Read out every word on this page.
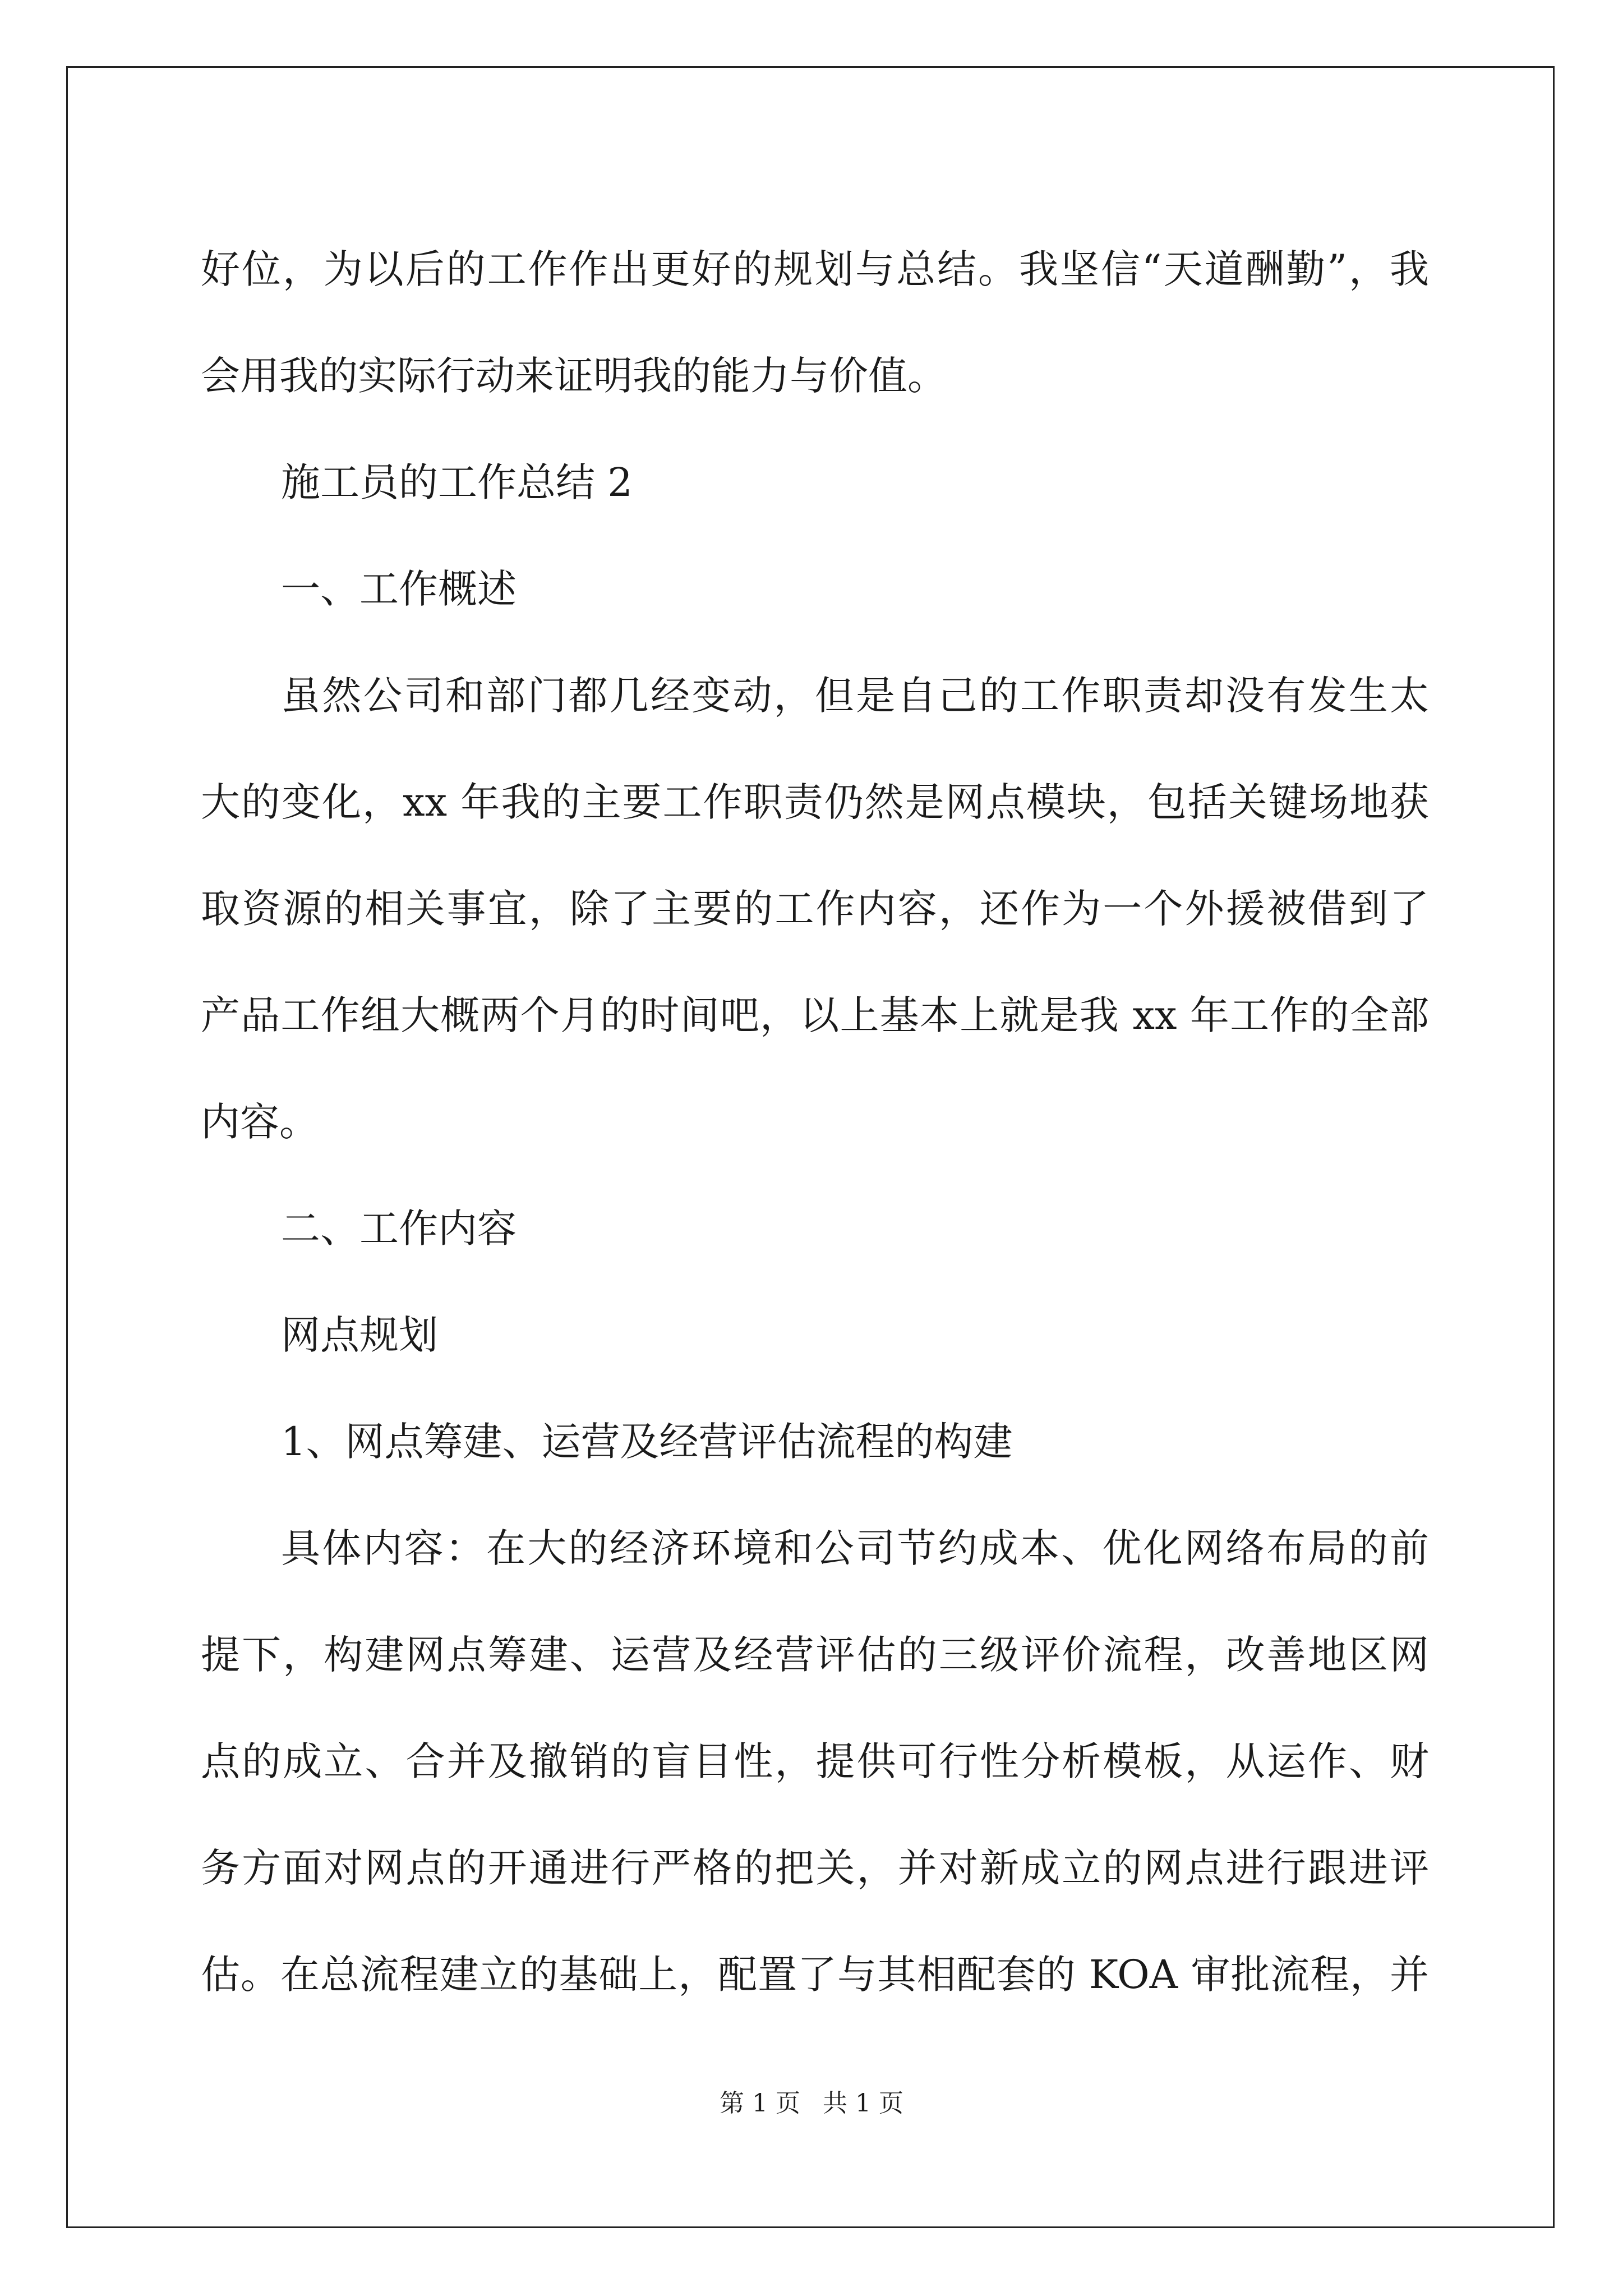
好位，为以后的工作作出更好的规划与总结。我坚信“天道酬勤”，我
会用我的实际行动来证明我的能力与价值。
施工员的工作总结 2
一、工作概述
虽然公司和部门都几经变动，但是自己的工作职责却没有发生太
大的变化，xx 年我的主要工作职责仍然是网点模块，包括关键场地获
取资源的相关事宜，除了主要的工作内容，还作为一个外援被借到了
产品工作组大概两个月的时间吧，以上基本上就是我 xx 年工作的全部
内容。
二、工作内容
网点规划
1、网点筹建、运营及经营评估流程的构建
具体内容：在大的经济环境和公司节约成本、优化网络布局的前
提下，构建网点筹建、运营及经营评估的三级评价流程，改善地区网
点的成立、合并及撤销的盲目性，提供可行性分析模板，从运作、财
务方面对网点的开通进行严格的把关，并对新成立的网点进行跟进评
估。在总流程建立的基础上，配置了与其相配套的 KOA 审批流程，并
第 1 页 共 1 页
